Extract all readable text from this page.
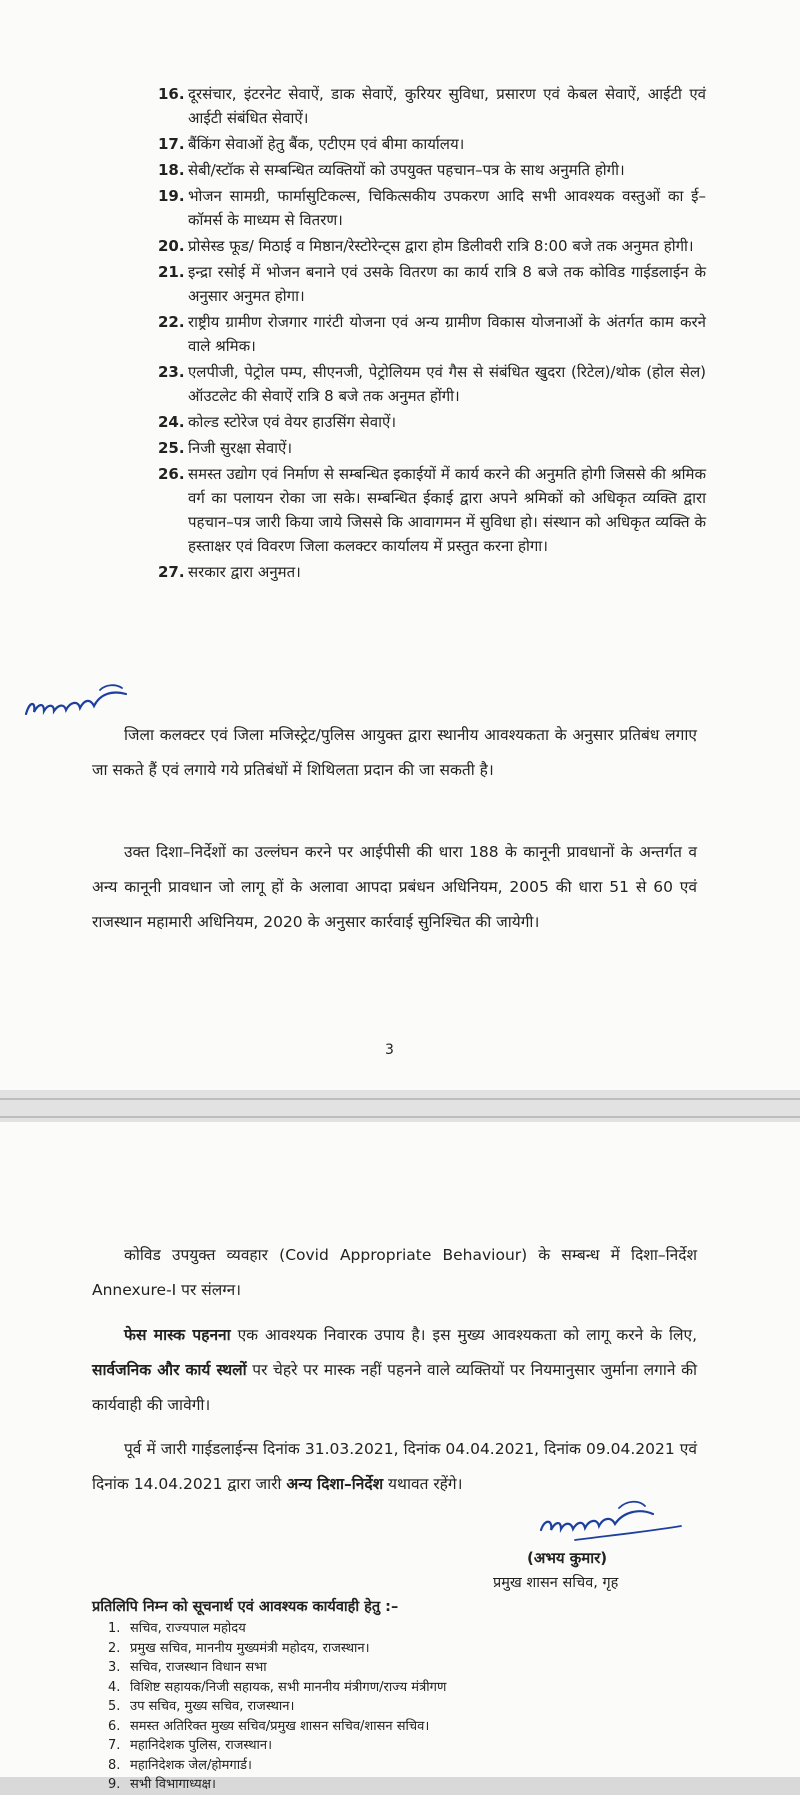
16. दूरसंचार, इंटरनेट सेवाऐं, डाक सेवाऐं, कुरियर सुविधा, प्रसारण एवं केबल सेवाऐं, आईटी एवं आईटी संबंधित सेवाऐं।
17. बैंकिंग सेवाओं हेतु बैंक, एटीएम एवं बीमा कार्यालय।
18. सेबी/स्टॉक से सम्बन्धित व्यक्तियों को उपयुक्त पहचान–पत्र के साथ अनुमति होगी।
19. भोजन सामग्री, फार्मासुटिकल्स, चिकित्सकीय उपकरण आदि सभी आवश्यक वस्तुओं का ई–कॉमर्स के माध्यम से वितरण।
20. प्रोसेस्ड फूड/ मिठाई व मिष्ठान/रेस्टोरेन्ट्स द्वारा होम डिलीवरी रात्रि 8:00 बजे तक अनुमत होगी।
21. इन्द्रा रसोई में भोजन बनाने एवं उसके वितरण का कार्य रात्रि 8 बजे तक कोविड गाईडलाईन के अनुसार अनुमत होगा।
22. राष्ट्रीय ग्रामीण रोजगार गारंटी योजना एवं अन्य ग्रामीण विकास योजनाओं के अंतर्गत काम करने वाले श्रमिक।
23. एलपीजी, पेट्रोल पम्प, सीएनजी, पेट्रोलियम एवं गैस से संबंधित खुदरा (रिटेल)/थोक (होल सेल) ऑउटलेट की सेवाऐं रात्रि 8 बजे तक अनुमत होंगी।
24. कोल्ड स्टोरेज एवं वेयर हाउसिंग सेवाऐं।
25. निजी सुरक्षा सेवाऐं।
26. समस्त उद्योग एवं निर्माण से सम्बन्धित इकाईयों में कार्य करने की अनुमति होगी जिससे की श्रमिक वर्ग का पलायन रोका जा सके। सम्बन्धित ईकाई द्वारा अपने श्रमिकों को अधिकृत व्यक्ति द्वारा पहचान–पत्र जारी किया जाये जिससे कि आवागमन में सुविधा हो। संस्थान को अधिकृत व्यक्ति के हस्ताक्षर एवं विवरण जिला कलक्टर कार्यालय में प्रस्तुत करना होगा।
27. सरकार द्वारा अनुमत।

जिला कलक्टर एवं जिला मजिस्ट्रेट/पुलिस आयुक्त द्वारा स्थानीय आवश्यकता के अनुसार प्रतिबंध लगाए जा सकते हैं एवं लगाये गये प्रतिबंधों में शिथिलता प्रदान की जा सकती है।

उक्त दिशा–निर्देशों का उल्लंघन करने पर आईपीसी की धारा 188 के कानूनी प्रावधानों के अन्तर्गत व अन्य कानूनी प्रावधान जो लागू हों के अलावा आपदा प्रबंधन अधिनियम, 2005 की धारा 51 से 60 एवं राजस्थान महामारी अधिनियम, 2020 के अनुसार कार्रवाई सुनिश्चित की जायेगी।

3

कोविड उपयुक्त व्यवहार (Covid Appropriate Behaviour) के सम्बन्ध में दिशा–निर्देश Annexure-I पर संलग्न।

फेस मास्क पहनना एक आवश्यक निवारक उपाय है। इस मुख्य आवश्यकता को लागू करने के लिए, सार्वजनिक और कार्य स्थलों पर चेहरे पर मास्क नहीं पहनने वाले व्यक्तियों पर नियमानुसार जुर्माना लगाने की कार्यवाही की जावेगी।

पूर्व में जारी गाईडलाईन्स दिनांक 31.03.2021, दिनांक 04.04.2021, दिनांक 09.04.2021 एवं दिनांक 14.04.2021 द्वारा जारी अन्य दिशा–निर्देश यथावत रहेंगे।

(अभय कुमार)
प्रमुख शासन सचिव, गृह
प्रतिलिपि निम्न को सूचनार्थ एवं आवश्यक कार्यवाही हेतु :–
1. सचिव, राज्यपाल महोदय
2. प्रमुख सचिव, माननीय मुख्यमंत्री महोदय, राजस्थान।
3. सचिव, राजस्थान विधान सभा
4. विशिष्ट सहायक/निजी सहायक, सभी माननीय मंत्रीगण/राज्य मंत्रीगण
5. उप सचिव, मुख्य सचिव, राजस्थान।
6. समस्त अतिरिक्त मुख्य सचिव/प्रमुख शासन सचिव/शासन सचिव।
7. महानिदेशक पुलिस, राजस्थान।
8. महानिदेशक जेल/होमगार्ड।
9. सभी विभागाध्यक्ष।
